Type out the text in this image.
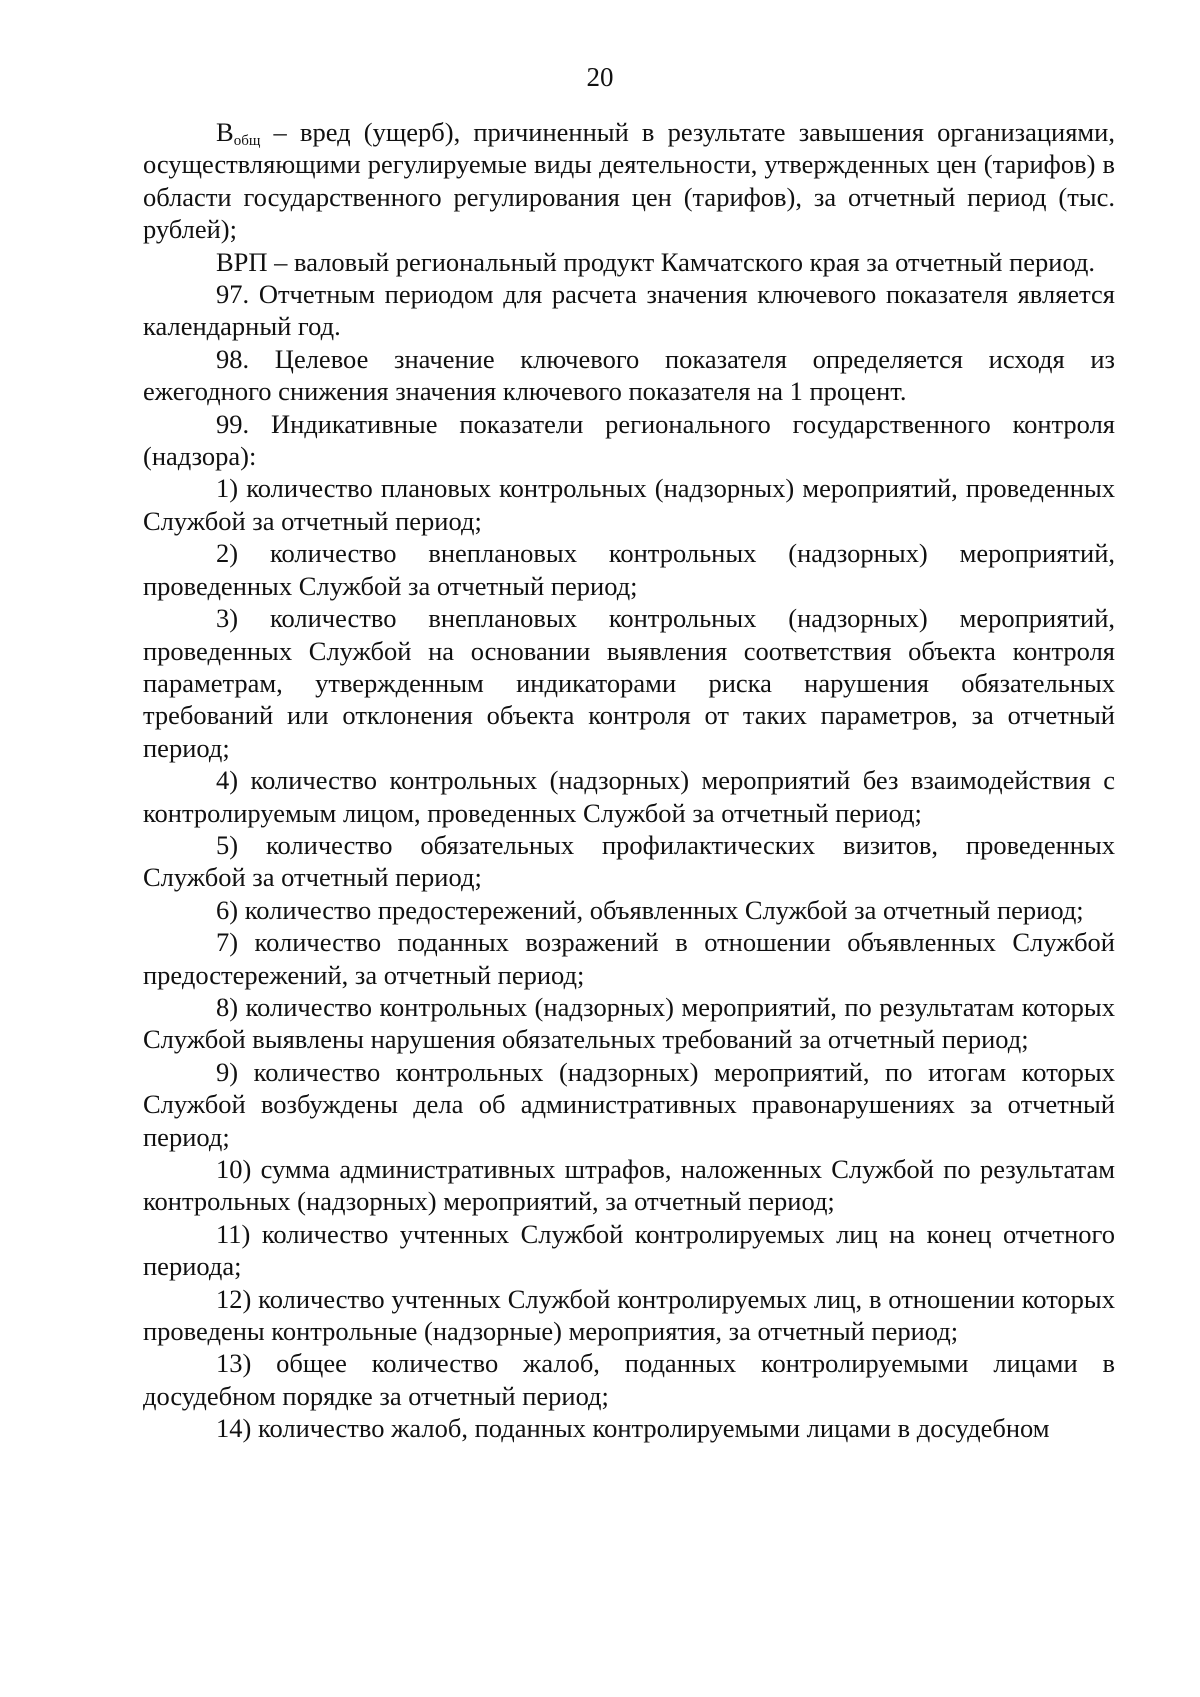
20

$В_{общ}$ – вред (ущерб), причиненный в результате завышения организациями, осуществляющими регулируемые виды деятельности, утвержденных цен (тарифов) в области государственного регулирования цен (тарифов), за отчетный период (тыс. рублей);

ВРП – валовый региональный продукт Камчатского края за отчетный период.

97. Отчетным периодом для расчета значения ключевого показателя является календарный год.

98. Целевое значение ключевого показателя определяется исходя из ежегодного снижения значения ключевого показателя на 1 процент.

99. Индикативные показатели регионального государственного контроля (надзора):

1) количество плановых контрольных (надзорных) мероприятий, проведенных Службой за отчетный период;

2) количество внеплановых контрольных (надзорных) мероприятий, проведенных Службой за отчетный период;

3) количество внеплановых контрольных (надзорных) мероприятий, проведенных Службой на основании выявления соответствия объекта контроля параметрам, утвержденным индикаторами риска нарушения обязательных требований или отклонения объекта контроля от таких параметров, за отчетный период;

4) количество контрольных (надзорных) мероприятий без взаимодействия с контролируемым лицом, проведенных Службой за отчетный период;

5) количество обязательных профилактических визитов, проведенных Службой за отчетный период;

6) количество предостережений, объявленных Службой за отчетный период;

7) количество поданных возражений в отношении объявленных Службой предостережений, за отчетный период;

8) количество контрольных (надзорных) мероприятий, по результатам которых Службой выявлены нарушения обязательных требований за отчетный период;

9) количество контрольных (надзорных) мероприятий, по итогам которых Службой возбуждены дела об административных правонарушениях за отчетный период;

10) сумма административных штрафов, наложенных Службой по результатам контрольных (надзорных) мероприятий, за отчетный период;

11) количество учтенных Службой контролируемых лиц на конец отчетного периода;

12) количество учтенных Службой контролируемых лиц, в отношении которых проведены контрольные (надзорные) мероприятия, за отчетный период;

13) общее количество жалоб, поданных контролируемыми лицами в досудебном порядке за отчетный период;

14) количество жалоб, поданных контролируемыми лицами в досудебном
